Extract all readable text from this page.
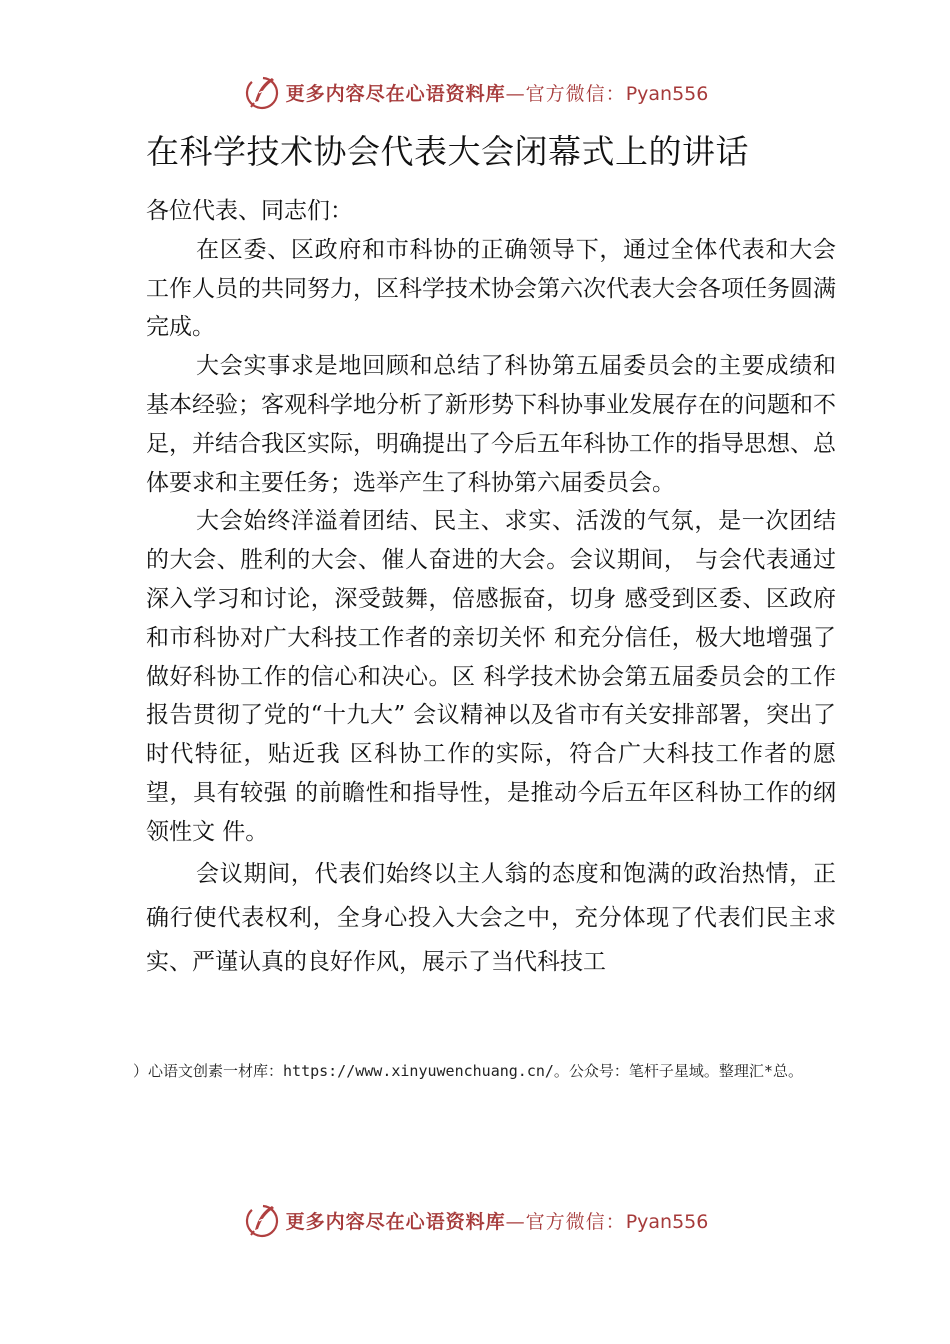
更多内容尽在心语资料库—官方微信：Pyan556
在科学技术协会代表大会闭幕式上的讲话
各位代表、同志们：

在区委、区政府和市科协的正确领导下，通过全体代表和大会工作人员的共同努力，区科学技术协会第六次代表大会各项任务圆满完成。

大会实事求是地回顾和总结了科协第五届委员会的主要成绩和基本经验；客观科学地分析了新形势下科协事业发展存在的问题和不足，并结合我区实际，明确提出了今后五年科协工作的指导思想、总体要求和主要任务；选举产生了科协第六届委员会。

大会始终洋溢着团结、民主、求实、活泼的气氛，是一次团结的大会、胜利的大会、催人奋进的大会。会议期间， 与会代表通过深入学习和讨论，深受鼓舞，倍感振奋，切身 感受到区委、区政府和市科协对广大科技工作者的亲切关怀 和充分信任，极大地增强了做好科协工作的信心和决心。区 科学技术协会第五届委员会的工作报告贯彻了党的“十九大” 会议精神以及省市有关安排部署，突出了时代特征，贴近我 区科协工作的实际，符合广大科技工作者的愿望，具有较强 的前瞻性和指导性，是推动今后五年区科协工作的纲领性文 件。

会议期间，代表们始终以主人翁的态度和饱满的政治热情，正确行使代表权利，全身心投入大会之中，充分体现了代表们民主求实、严谨认真的良好作风，展示了当代科技工

）心语文创素一材库：https://www.xinyuwenchuang.cn/。公众号：笔杆子星域。整理汇*总。
更多内容尽在心语资料库—官方微信：Pyan556
